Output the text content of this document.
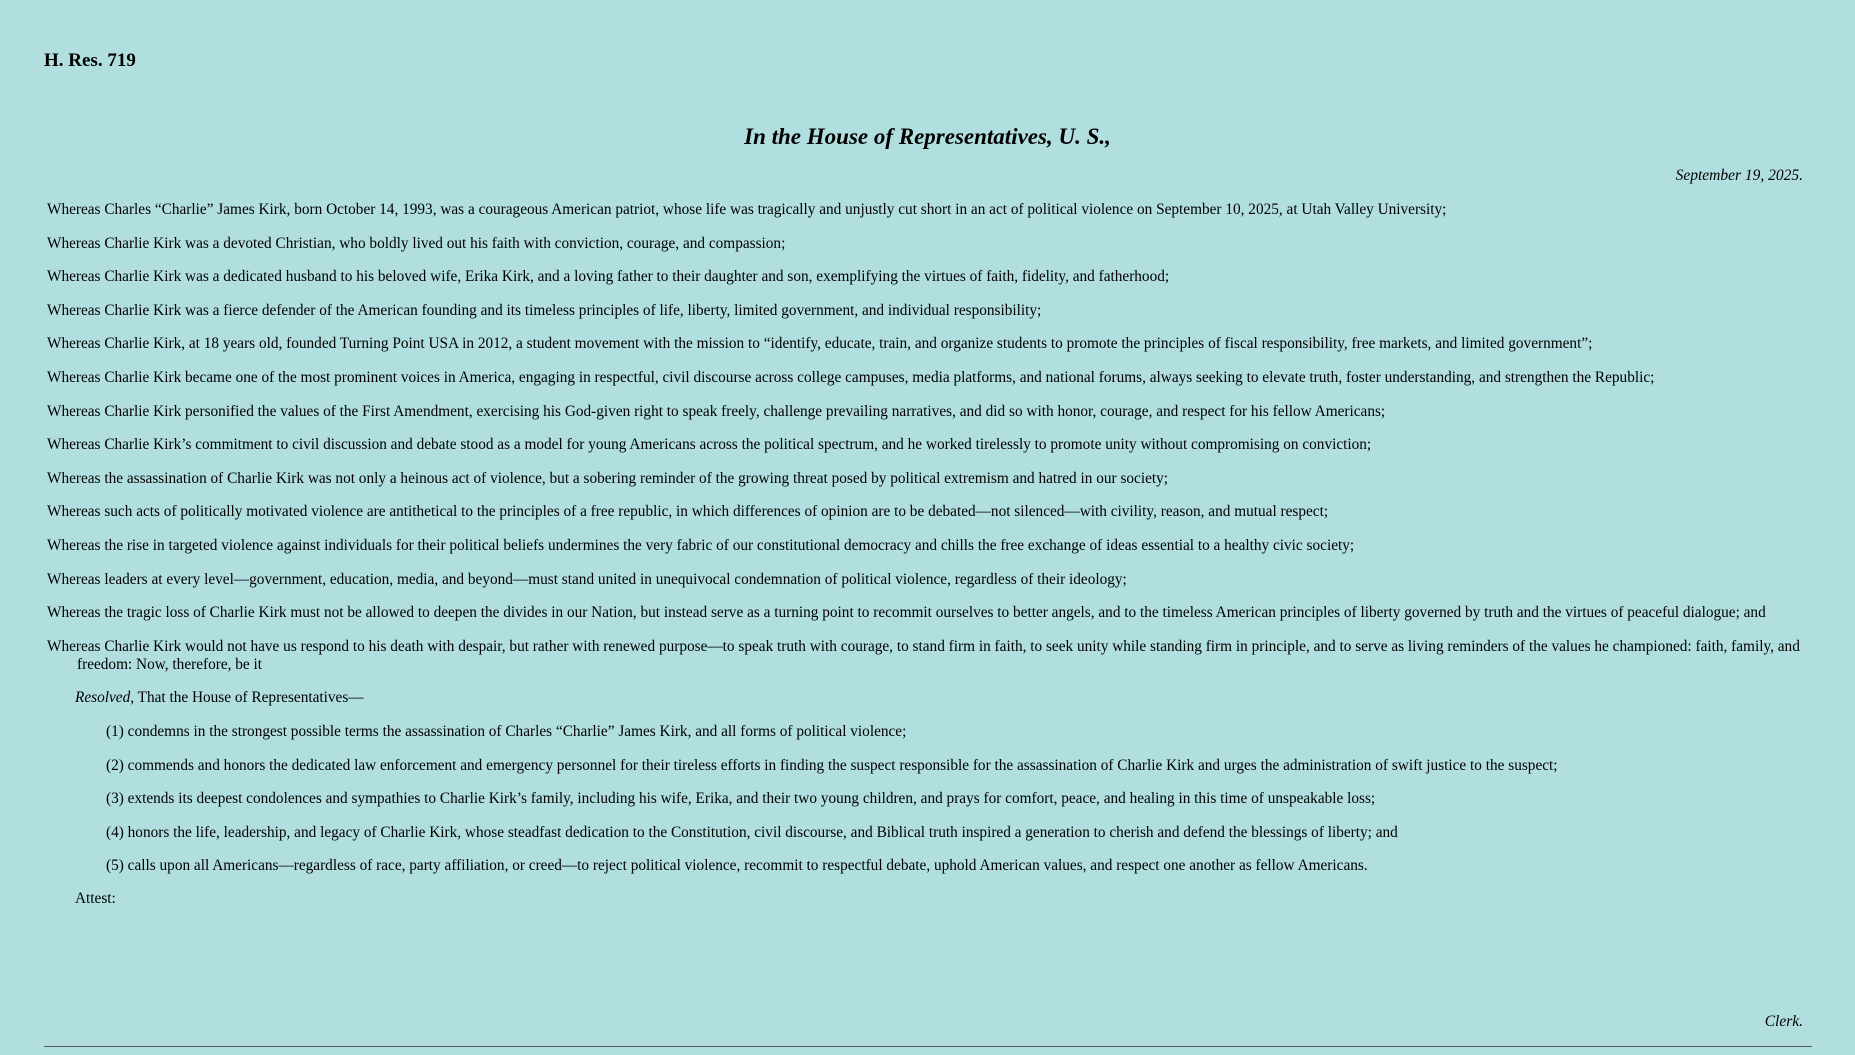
H. Res. 719
In the House of Representatives, U. S.,
September 19, 2025.

Whereas Charles “Charlie” James Kirk, born October 14, 1993, was a courageous American patriot, whose life was tragically and unjustly cut short in an act of political violence on September 10, 2025, at Utah Valley University;

Whereas Charlie Kirk was a devoted Christian, who boldly lived out his faith with conviction, courage, and compassion;

Whereas Charlie Kirk was a dedicated husband to his beloved wife, Erika Kirk, and a loving father to their daughter and son, exemplifying the virtues of faith, fidelity, and fatherhood;

Whereas Charlie Kirk was a fierce defender of the American founding and its timeless principles of life, liberty, limited government, and individual responsibility;

Whereas Charlie Kirk, at 18 years old, founded Turning Point USA in 2012, a student movement with the mission to “identify, educate, train, and organize students to promote the principles of fiscal responsibility, free markets, and limited government”;

Whereas Charlie Kirk became one of the most prominent voices in America, engaging in respectful, civil discourse across college campuses, media platforms, and national forums, always seeking to elevate truth, foster understanding, and strengthen the Republic;

Whereas Charlie Kirk personified the values of the First Amendment, exercising his God-given right to speak freely, challenge prevailing narratives, and did so with honor, courage, and respect for his fellow Americans;

Whereas Charlie Kirk’s commitment to civil discussion and debate stood as a model for young Americans across the political spectrum, and he worked tirelessly to promote unity without compromising on conviction;

Whereas the assassination of Charlie Kirk was not only a heinous act of violence, but a sobering reminder of the growing threat posed by political extremism and hatred in our society;

Whereas such acts of politically motivated violence are antithetical to the principles of a free republic, in which differences of opinion are to be debated—not silenced—with civility, reason, and mutual respect;

Whereas the rise in targeted violence against individuals for their political beliefs undermines the very fabric of our constitutional democracy and chills the free exchange of ideas essential to a healthy civic society;

Whereas leaders at every level—government, education, media, and beyond—must stand united in unequivocal condemnation of political violence, regardless of their ideology;

Whereas the tragic loss of Charlie Kirk must not be allowed to deepen the divides in our Nation, but instead serve as a turning point to recommit ourselves to better angels, and to the timeless American principles of liberty governed by truth and the virtues of peaceful dialogue; and

Whereas Charlie Kirk would not have us respond to his death with despair, but rather with renewed purpose—to speak truth with courage, to stand firm in faith, to seek unity while standing firm in principle, and to serve as living reminders of the values he championed: faith, family, and freedom: Now, therefore, be it

Resolved, That the House of Representatives—

(1) condemns in the strongest possible terms the assassination of Charles “Charlie” James Kirk, and all forms of political violence;

(2) commends and honors the dedicated law enforcement and emergency personnel for their tireless efforts in finding the suspect responsible for the assassination of Charlie Kirk and urges the administration of swift justice to the suspect;

(3) extends its deepest condolences and sympathies to Charlie Kirk’s family, including his wife, Erika, and their two young children, and prays for comfort, peace, and healing in this time of unspeakable loss;

(4) honors the life, leadership, and legacy of Charlie Kirk, whose steadfast dedication to the Constitution, civil discourse, and Biblical truth inspired a generation to cherish and defend the blessings of liberty; and

(5) calls upon all Americans—regardless of race, party affiliation, or creed—to reject political violence, recommit to respectful debate, uphold American values, and respect one another as fellow Americans.

Attest:
Clerk.
